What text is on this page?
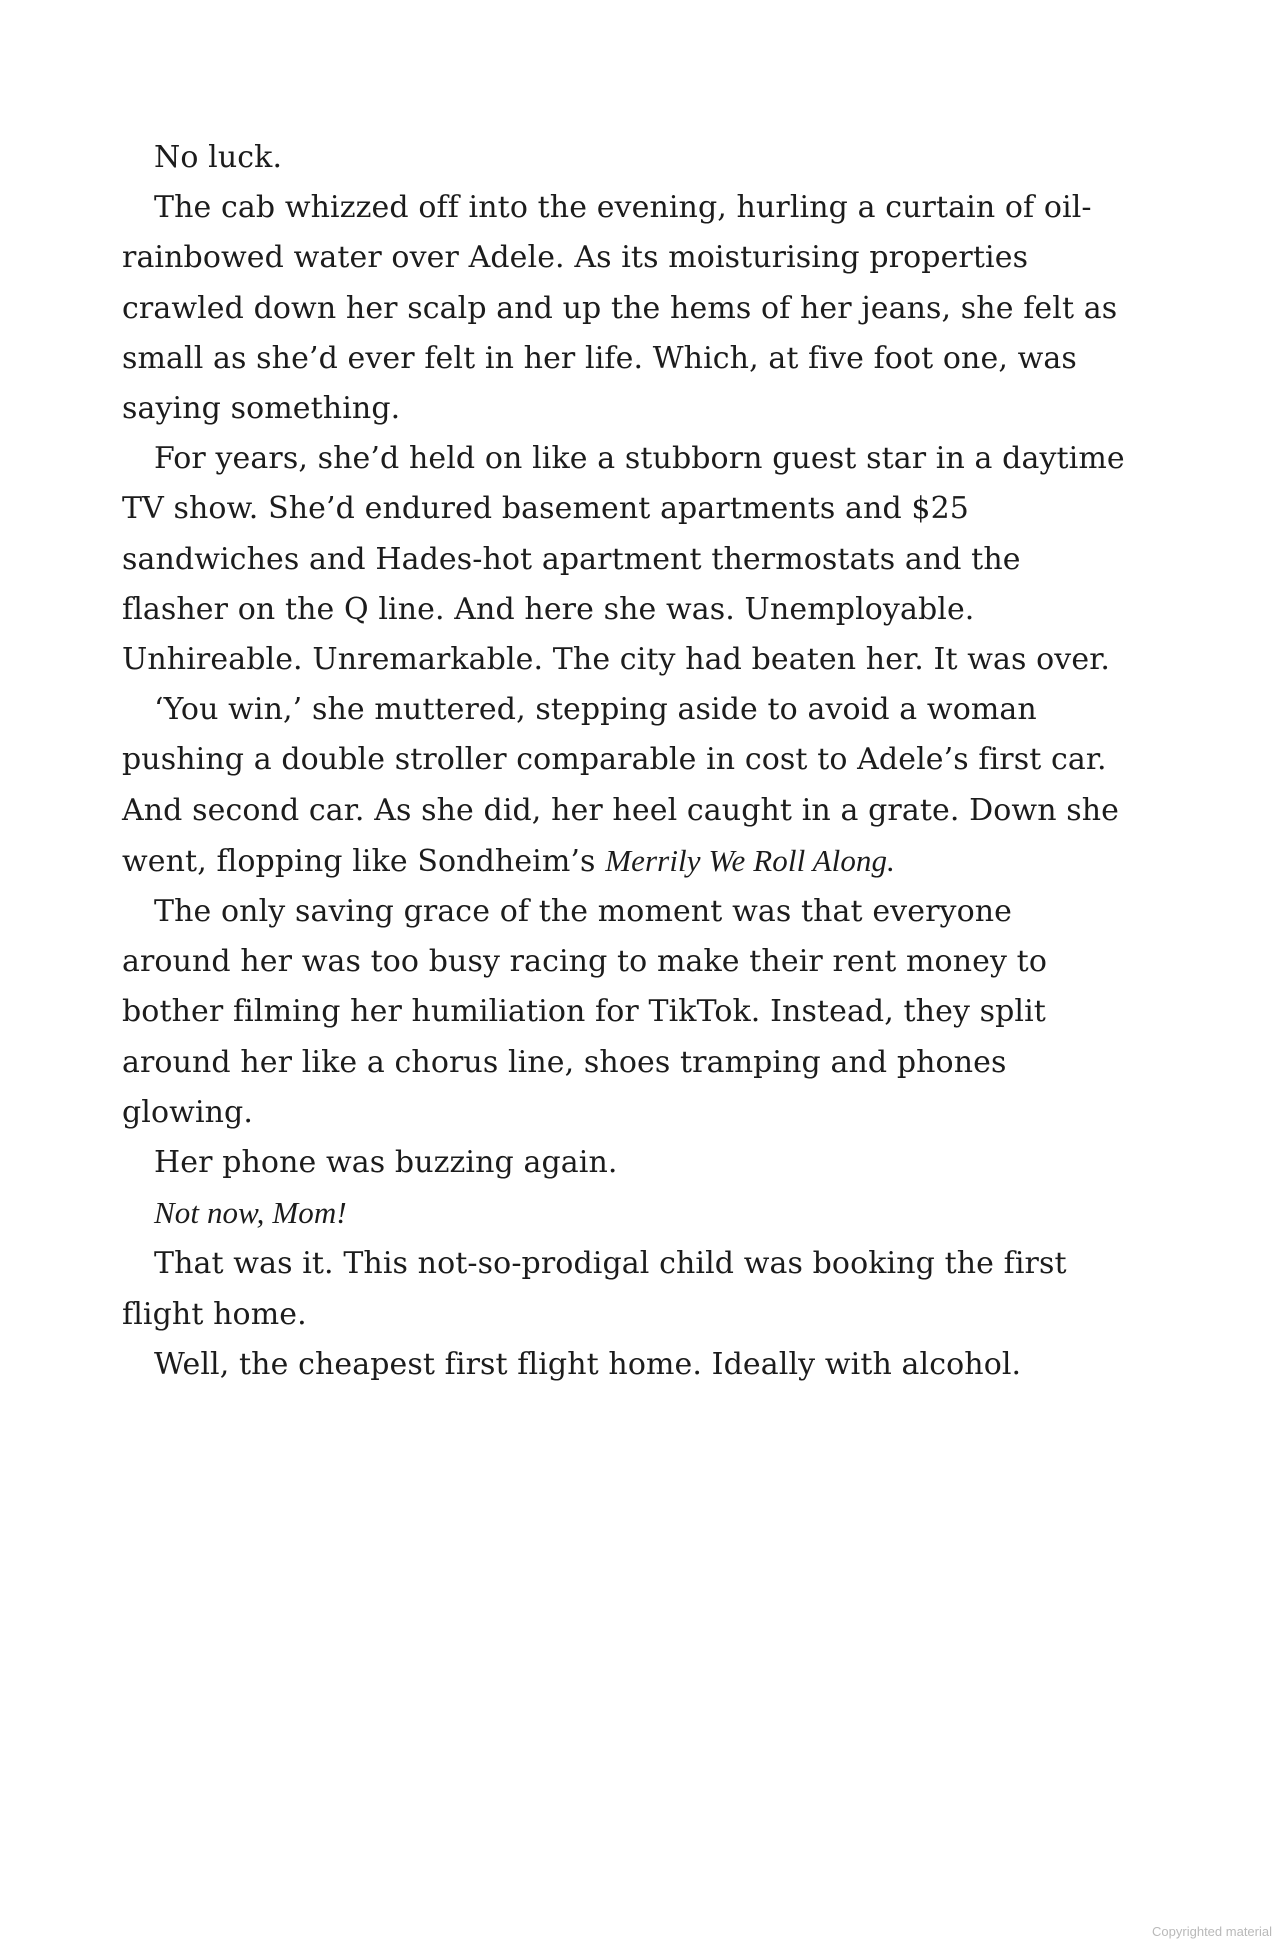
No luck.

The cab whizzed off into the evening, hurling a curtain of oil-
rainbowed water over Adele. As its moisturising properties
crawled down her scalp and up the hems of her jeans, she felt as
small as she’d ever felt in her life. Which, at five foot one, was
saying something.

For years, she’d held on like a stubborn guest star in a daytime
TV show. She’d endured basement apartments and $25
sandwiches and Hades-hot apartment thermostats and the
flasher on the Q line. And here she was. Unemployable.
Unhireable. Unremarkable. The city had beaten her. It was over.

‘You win,’ she muttered, stepping aside to avoid a woman
pushing a double stroller comparable in cost to Adele’s first car.
And second car. As she did, her heel caught in a grate. Down she
went, flopping like Sondheim’s Merrily We Roll Along.

The only saving grace of the moment was that everyone
around her was too busy racing to make their rent money to
bother filming her humiliation for TikTok. Instead, they split
around her like a chorus line, shoes tramping and phones
glowing.

Her phone was buzzing again.

Not now, Mom!

That was it. This not-so-prodigal child was booking the first
flight home.

Well, the cheapest first flight home. Ideally with alcohol.

Copyrighted material
